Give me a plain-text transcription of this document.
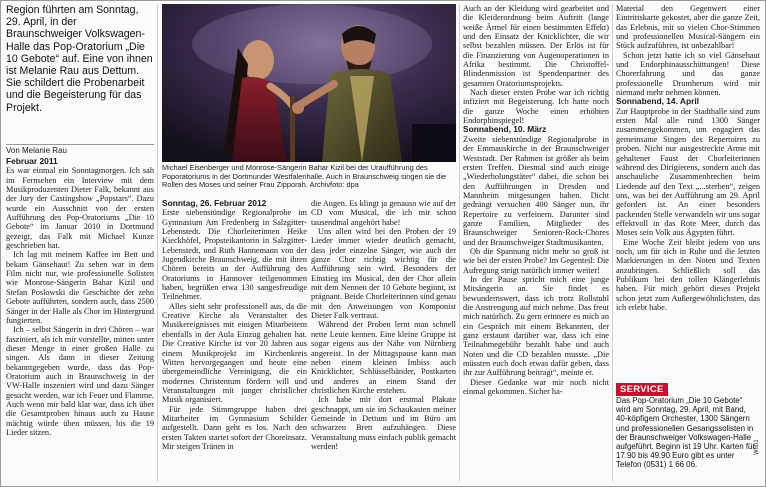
Region führten am Sonntag, 29. April, in der Braunschweiger Volkswagen-Halle das Pop-Oratorium „Die 10 Gebote“ auf. Eine von ihnen ist Melanie Rau aus Dettum. Sie schildert die Probenarbeit und die Begeisterung für das Projekt.
Von Melanie Rau
Michael Eisenberger und Monrose-Sängerin Bahar Kizil bei der Uraufführung des Poporatoriums in der Dortmunder Westfalenhalle. Auch in Braunschweig singen sie die Rollen des Moses und seiner Frau Zipporah. Archivfoto: dpa

Februar 2011

Es war einmal ein Sonntagmorgen. Ich sah im Fernsehen ein Interview mit dem Musikproduzenten Dieter Falk, bekannt aus der Jury der Castingshow „Popstars“. Dazu wurde ein Ausschnitt von der ersten Aufführung des Pop-Oratoriums „Die 10 Gebote“ im Januar 2010 in Dortmund gezeigt, das Falk mit Michael Kunze geschrieben hat.

Ich lag mit meinem Kaffee im Bett und bekam Gänsehaut! Zu sehen war in dem Film nicht nur, wie professionelle Solisten wie Monrose-Sängerin Bahar Kizil und Stefan Poslowski die Geschichte der zehn Gebote aufführten, sondern auch, dass 2500 Sänger in der Halle als Chor im Hintergrund fungierten.

Ich – selbst Sängerin in drei Chören – war fasziniert, als ich mir vorstellte, mitten unter dieser Menge in einer großen Halle zu singen. Als dann in dieser Zeitung bekanntgegeben wurde, dass das Pop-Oratorium auch in Braunschweig in der VW-Halle inszeniert wird und dazu Sänger gesucht werden, war ich Feuer und Flamme. Auch wenn mir bald klar war, dass ich über die Gesamtproben hinaus auch zu Hause mächtig würde üben müssen, bis die 19 Lieder sitzen.

Sonntag, 26. Februar 2012

Erste siebenstündige Regionalprobe im Gymnasium Am Fredenberg in Salzgitter-Lebenstedt. Die Chorleiterinnen Heike Kieckhöfel, Propsteikantorin in Salzgitter-Lebenstedt, und Ruth Hannemann von der Jugendkirche Braunschweig, die mit ihren Chören bereits an der Aufführung des Oratoriums in Hannover teilgenommen haben, begrüßen etwa 130 sangesfreudige Teilnehmer.

Alles sieht sehr professionell aus, da die Creative Kirche als Veranstalter des Musikereignisses mit einigen Mitarbeitern ebenfalls in der Aula Einzug gehalten hat. Die Creative Kirche ist vor 20 Jahren aus einem Musikprojekt im Kirchenkreis Witten hervorgegangen und heute eine übergemeindliche Vereinigung, die ein modernes Christentum fördern will und Veranstaltungen mit junger christlicher Musik organisiert.

Für jede Stimmgruppe haben drei Mitarbeiter im Gymnasium Schilder aufgestellt. Dann geht es los. Nach den ersten Takten startet sofort der Choreinsatz. Mir steigen Tränen in

die Augen. Es klingt ja genauso wie auf der CD vom Musical, die ich mir schon tausendmal angehört habe!

Uns allen wird bei den Proben der 19 Lieder immer wieder deutlich gemacht, dass jeder einzelne Sänger, wie auch der ganze Chor richtig wichtig für die Aufführung sein wird. Besonders der Einstieg ins Musical, den der Chor allein mit dem Nennen der 10 Gebote beginnt, ist prägnant. Beide Chorleiterinnen sind genau mit den Anweisungen von Komponist Dieter Falk vertraut.

Während der Proben lernt man schnell nette Leute kennen. Eine kleine Gruppe ist sogar eigens aus der Nähe von Nürnberg angereist. In der Mittagspause kann man neben einem kleinen Imbiss auch Knicklichter, Schlüsselbänder, Postkarten und anderes an einem Stand der christlichen Kirche erstehen.

Ich habe mir dort erstmal Plakate geschnappt, um sie im Schaukasten meiner Gemeinde in Dettum und im Büro am schwarzen Brett aufzuhängen. Diese Veranstaltung muss einfach publik gemacht werden!

Auch an der Kleidung wird gearbeitet und die Kleiderordnung beim Auftritt (lange weiße Ärmel für einen bestimmten Effekt) und den Einsatz der Knicklichter, die wir selbst bezahlen müssen. Der Erlös ist für die Finanzierung von Augenoperationen in Afrika bestimmt. Die Christoffel-Blindenmission ist Spendenpartner des gesamten Oratoriumsprojekts.

Nach dieser ersten Probe war ich richtig infiziert mit Begeisterung. Ich hatte noch die ganze Woche einen erhöhten Endorphinspiegel!

Sonnabend, 10. März

Zweite siebenstündige Regionalprobe in der Emmauskirche in der Braunschweiger Weststadt. Der Rahmen ist größer als beim ersten Treffen. Diesmal sind auch einige „Wiederholungstäter“ dabei, die schon bei den Aufführungen in Dresden und Mannheim mitgesungen haben. Dicht gedrängt versuchen 400 Sänger nun, ihr Repertoire zu verfeinern. Darunter sind ganze Familien, Mitglieder des Braunschweiger Senioren-Rock-Chores und der Braunschweiger Stadtmusikanten.

Ob die Spannung nicht mehr so groß ist wie bei der ersten Probe? Im Gegenteil: Die Aufregung steigt natürlich immer weiter!

In der Pause spricht mich eine junge Mitsängerin an. Sie findet es bewundernswert, dass ich trotz Rollstuhl die Anstrengung auf mich nehme. Das freut mich natürlich. Zu gern erinnere es mich an ein Gespräch mit einem Bekannten, der ganz erstaunt darüber war, dass ich eine Teilnahmegebühr bezahlt habe und auch Noten und die CD bezahlen musste. „Die müssten euch doch etwas dafür geben, dass ihr zur Aufführung beitragt“, meinte er.

Dieser Gedanke war mir noch nicht einmal gekommen. Sicher ha-

Material den Gegenwert einer Eintrittskarte gekostet, aber die ganze Zeit, das Erlebnis, mit so vielen Chor-Stimmen und professionellen Musical-Sängern ein Stück aufzuführen, ist unbezahlbar!

Schon jetzt hatte ich so viel Gänsehaut und Endorphinausschüttungen! Diese Chorerfahrung und das ganze professionelle Drumherum wird mir niemand mehr nehmen können.

Sonnabend, 14. April

Zur Hauptprobe in der Stadthalle sind zum ersten Mal alle rund 1300 Sänger zusammengekommen, um engagiert das gemeinsame Singen des Repertoires zu proben. Nicht nur ausgestreckte Arme mit gehaltener Faust der Chorleiterinnen während des Dirigierens, sondern auch das anschauliche Zusammenbrechen beim Liedende auf den Text „...sterben“, zeigen uns, was bei der Aufführung am 29. April gefordert ist. An einer besonders packenden Stelle verwandeln wir uns sogar effektvoll in das Rote Meer, durch das Moses sein Volk aus Ägypten führt.

Eine Woche Zeit bleibt jedem von uns noch, um für sich in Ruhe und die letzten Markierungen in den Noten und Texten anzubringen. Schließlich soll das Publikum bei den tollen Klängerlebnis haben. Für mich gehört dieses Projekt schon jetzt zum Außergewöhnlichsten, das ich erlebt habe.

SERVICE
Das Pop-Oratorium „Die 10 Gebote“ wird am Sonntag, 29. April, mit Band, 40-köpfigem Orchester, 1300 Sängern und professionellen Gesangssolisten in der Braunschweiger Volkswagen-Halle aufgeführt. Beginn ist 19 Uhr. Karten für 17.90 bis 49.90 Euro gibt es unter Telefon (0531) 1 66 06.
W601
